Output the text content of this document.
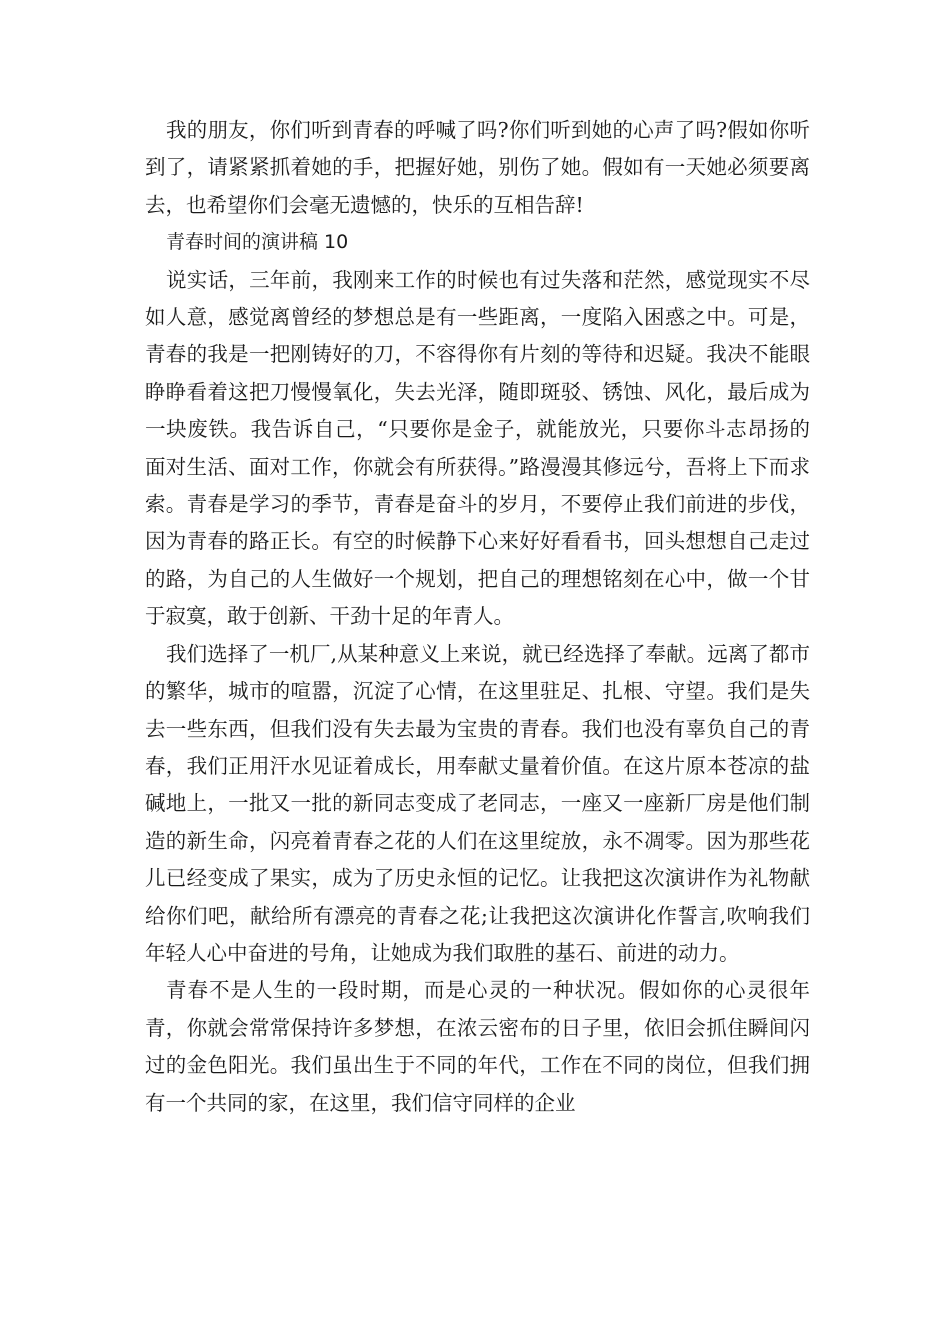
我的朋友，你们听到青春的呼喊了吗?你们听到她的心声了吗?假如你听到了，请紧紧抓着她的手，把握好她，别伤了她。假如有一天她必须要离去，也希望你们会毫无遗憾的，快乐的互相告辞!

青春时间的演讲稿 10

说实话，三年前，我刚来工作的时候也有过失落和茫然，感觉现实不尽如人意，感觉离曾经的梦想总是有一些距离，一度陷入困惑之中。可是，青春的我是一把刚铸好的刀，不容得你有片刻的等待和迟疑。我决不能眼睁睁看着这把刀慢慢氧化，失去光泽，随即斑驳、锈蚀、风化，最后成为一块废铁。我告诉自己，“只要你是金子，就能放光，只要你斗志昂扬的面对生活、面对工作，你就会有所获得。”路漫漫其修远兮，吾将上下而求索。青春是学习的季节，青春是奋斗的岁月，不要停止我们前进的步伐，因为青春的路正长。有空的时候静下心来好好看看书，回头想想自己走过的路，为自己的人生做好一个规划，把自己的理想铭刻在心中，做一个甘于寂寞，敢于创新、干劲十足的年青人。

我们选择了一机厂,从某种意义上来说，就已经选择了奉献。远离了都市的繁华，城市的喧嚣，沉淀了心情，在这里驻足、扎根、守望。我们是失去一些东西，但我们没有失去最为宝贵的青春。我们也没有辜负自己的青春，我们正用汗水见证着成长，用奉献丈量着价值。在这片原本苍凉的盐碱地上，一批又一批的新同志变成了老同志，一座又一座新厂房是他们制造的新生命，闪亮着青春之花的人们在这里绽放，永不凋零。因为那些花儿已经变成了果实，成为了历史永恒的记忆。让我把这次演讲作为礼物献给你们吧，献给所有漂亮的青春之花;让我把这次演讲化作誓言,吹响我们年轻人心中奋进的号角，让她成为我们取胜的基石、前进的动力。

青春不是人生的一段时期，而是心灵的一种状况。假如你的心灵很年青，你就会常常保持许多梦想，在浓云密布的日子里，依旧会抓住瞬间闪过的金色阳光。我们虽出生于不同的年代，工作在不同的岗位，但我们拥有一个共同的家，在这里，我们信守同样的企业
